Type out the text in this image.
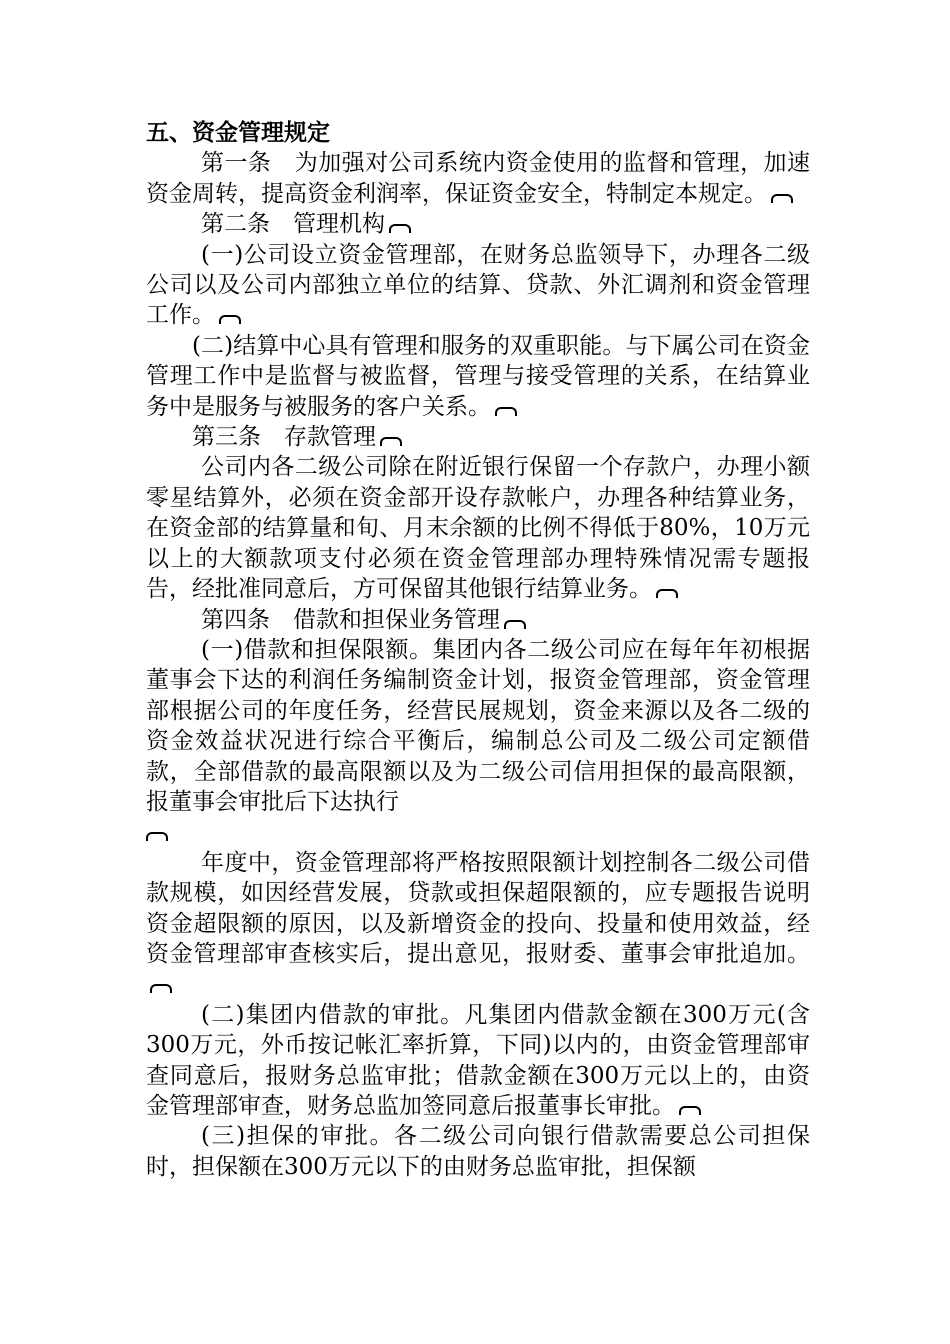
五、资金管理规定
第一条　为加强对公司系统内资金使用的监督和管理，加速资金周转，提高资金利润率，保证资金安全，特制定本规定。
第二条　管理机构
(一)公司设立资金管理部，在财务总监领导下，办理各二级公司以及公司内部独立单位的结算、贷款、外汇调剂和资金管理工作。
(二)结算中心具有管理和服务的双重职能。与下属公司在资金管理工作中是监督与被监督，管理与接受管理的关系，在结算业务中是服务与被服务的客户关系。
第三条　存款管理
公司内各二级公司除在附近银行保留一个存款户，办理小额零星结算外，必须在资金部开设存款帐户，办理各种结算业务，在资金部的结算量和旬、月末余额的比例不得低于80%，10万元以上的大额款项支付必须在资金管理部办理特殊情况需专题报告，经批准同意后，方可保留其他银行结算业务。
第四条　借款和担保业务管理
(一)借款和担保限额。集团内各二级公司应在每年年初根据董事会下达的利润任务编制资金计划，报资金管理部，资金管理部根据公司的年度任务，经营民展规划，资金来源以及各二级的资金效益状况进行综合平衡后，编制总公司及二级公司定额借款，全部借款的最高限额以及为二级公司信用担保的最高限额，报董事会审批后下达执行
年度中，资金管理部将严格按照限额计划控制各二级公司借款规模，如因经营发展，贷款或担保超限额的，应专题报告说明资金超限额的原因，以及新增资金的投向、投量和使用效益，经资金管理部审查核实后，提出意见，报财委、董事会审批追加。
(二)集团内借款的审批。凡集团内借款金额在300万元(含300万元，外币按记帐汇率折算，下同)以内的，由资金管理部审查同意后，报财务总监审批；借款金额在300万元以上的，由资金管理部审查，财务总监加签同意后报董事长审批。
(三)担保的审批。各二级公司向银行借款需要总公司担保时，担保额在300万元以下的由财务总监审批，担保额
